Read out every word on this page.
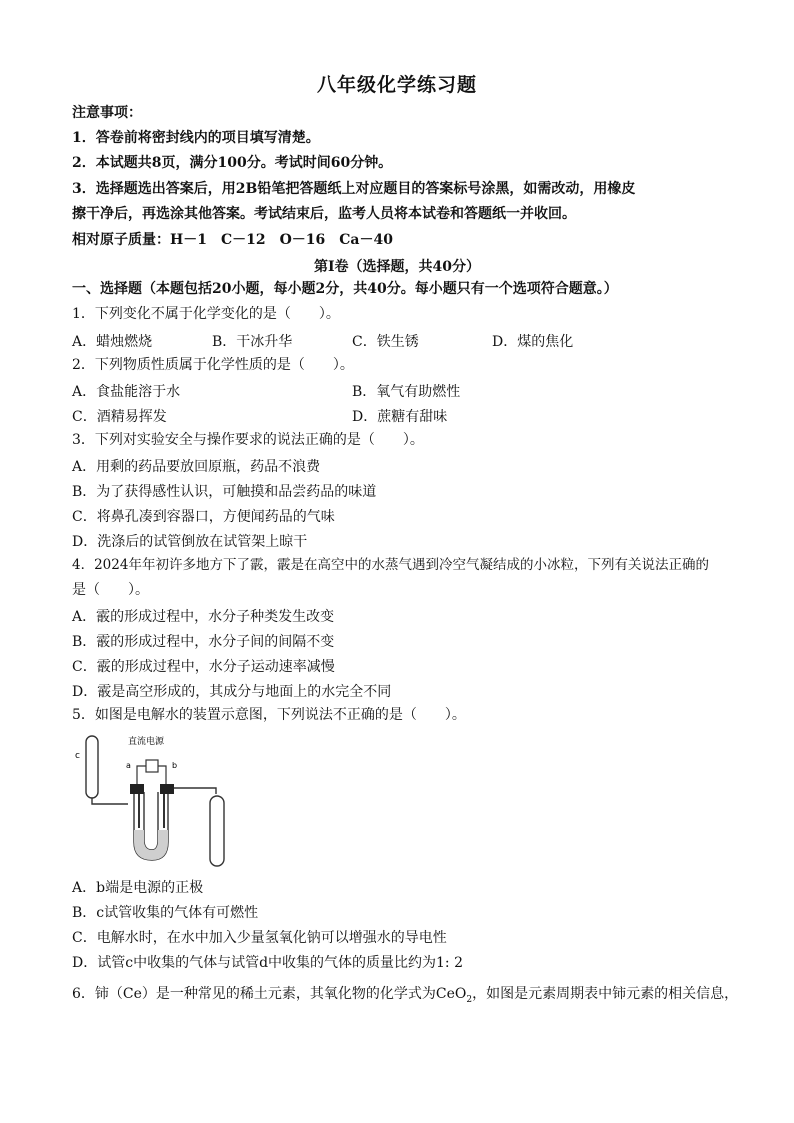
八年级化学练习题
注意事项：
1．答卷前将密封线内的项目填写清楚。
2．本试题共8页，满分100分。考试时间60分钟。
3．选择题选出答案后，用2B铅笔把答题纸上对应题目的答案标号涂黑，如需改动，用橡皮
擦干净后，再选涂其他答案。考试结束后，监考人员将本试卷和答题纸一并收回。
相对原子质量：H－1　C－12　O－16　Ca－40
第Ⅰ卷（选择题，共40分）
一、选择题（本题包括20小题，每小题2分，共40分。每小题只有一个选项符合题意。）
1．下列变化不属于化学变化的是（　　）。
A．蜡烛燃烧	B．干冰升华	C．铁生锈	D．煤的焦化
2．下列物质性质属于化学性质的是（　　）。
A．食盐能溶于水	B．氧气有助燃性
C．酒精易挥发	D．蔗糖有甜味
3．下列对实验安全与操作要求的说法正确的是（　　）。
A．用剩的药品要放回原瓶，药品不浪费
B．为了获得感性认识，可触摸和品尝药品的味道
C．将鼻孔凑到容器口，方便闻药品的气味
D．洗涤后的试管倒放在试管架上晾干
4．2024年年初许多地方下了霰，霰是在高空中的水蒸气遇到冷空气凝结成的小冰粒，下列有关说法正确的
是（　　）。
A．霰的形成过程中，水分子种类发生改变
B．霰的形成过程中，水分子间的间隔不变
C．霰的形成过程中，水分子运动速率减慢
D．霰是高空形成的，其成分与地面上的水完全不同
5．如图是电解水的装置示意图，下列说法不正确的是（　　）。
c
直流电源
a	b
A．b端是电源的正极
B．c试管收集的气体有可燃性
C．电解水时，在水中加入少量氢氧化钠可以增强水的导电性
D．试管c中收集的气体与试管d中收集的气体的质量比约为1: 2
6．铈（Ce）是一种常见的稀土元素，其氧化物的化学式为CeO$_2$，如图是元素周期表中铈元素的相关信息，
